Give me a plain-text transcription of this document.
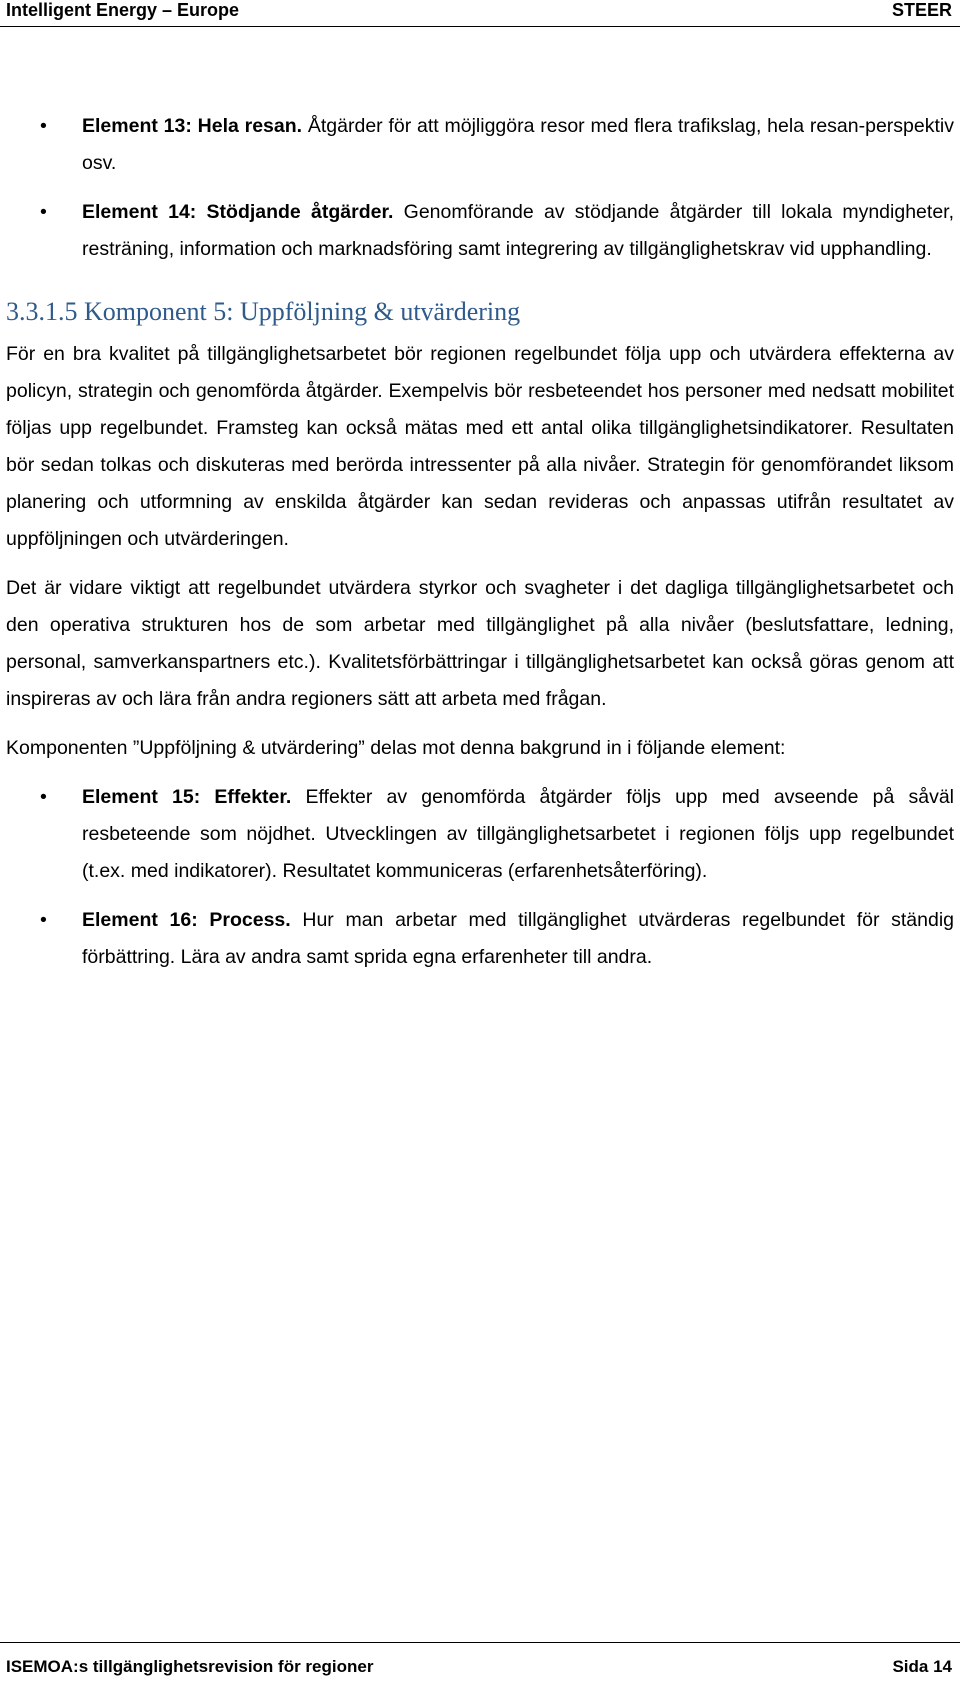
Intelligent Energy – Europe	STEER
• Element 13: Hela resan. Åtgärder för att möjliggöra resor med flera trafikslag, hela resan-perspektiv osv.
• Element 14: Stödjande åtgärder. Genomförande av stödjande åtgärder till lokala myndigheter, resträning, information och marknadsföring samt integrering av tillgänglighetskrav vid upphandling.
3.3.1.5 Komponent 5: Uppföljning & utvärdering

För en bra kvalitet på tillgänglighetsarbetet bör regionen regelbundet följa upp och utvärdera effekterna av policyn, strategin och genomförda åtgärder. Exempelvis bör resbeteendet hos personer med nedsatt mobilitet följas upp regelbundet. Framsteg kan också mätas med ett antal olika tillgänglighetsindikatorer. Resultaten bör sedan tolkas och diskuteras med berörda intressenter på alla nivåer. Strategin för genomförandet liksom planering och utformning av enskilda åtgärder kan sedan revideras och anpassas utifrån resultatet av uppföljningen och utvärderingen.

Det är vidare viktigt att regelbundet utvärdera styrkor och svagheter i det dagliga tillgänglighetsarbetet och den operativa strukturen hos de som arbetar med tillgänglighet på alla nivåer (beslutsfattare, ledning, personal, samverkanspartners etc.). Kvalitetsförbättringar i tillgänglighetsarbetet kan också göras genom att inspireras av och lära från andra regioners sätt att arbeta med frågan.

Komponenten ”Uppföljning & utvärdering” delas mot denna bakgrund in i följande element:

• Element 15: Effekter. Effekter av genomförda åtgärder följs upp med avseende på såväl resbeteende som nöjdhet. Utvecklingen av tillgänglighetsarbetet i regionen följs upp regelbundet (t.ex. med indikatorer). Resultatet kommuniceras (erfarenhetsåterföring).
• Element 16: Process. Hur man arbetar med tillgänglighet utvärderas regelbundet för ständig förbättring. Lära av andra samt sprida egna erfarenheter till andra.
ISEMOA:s tillgänglighetsrevision för regioner	Sida 14
